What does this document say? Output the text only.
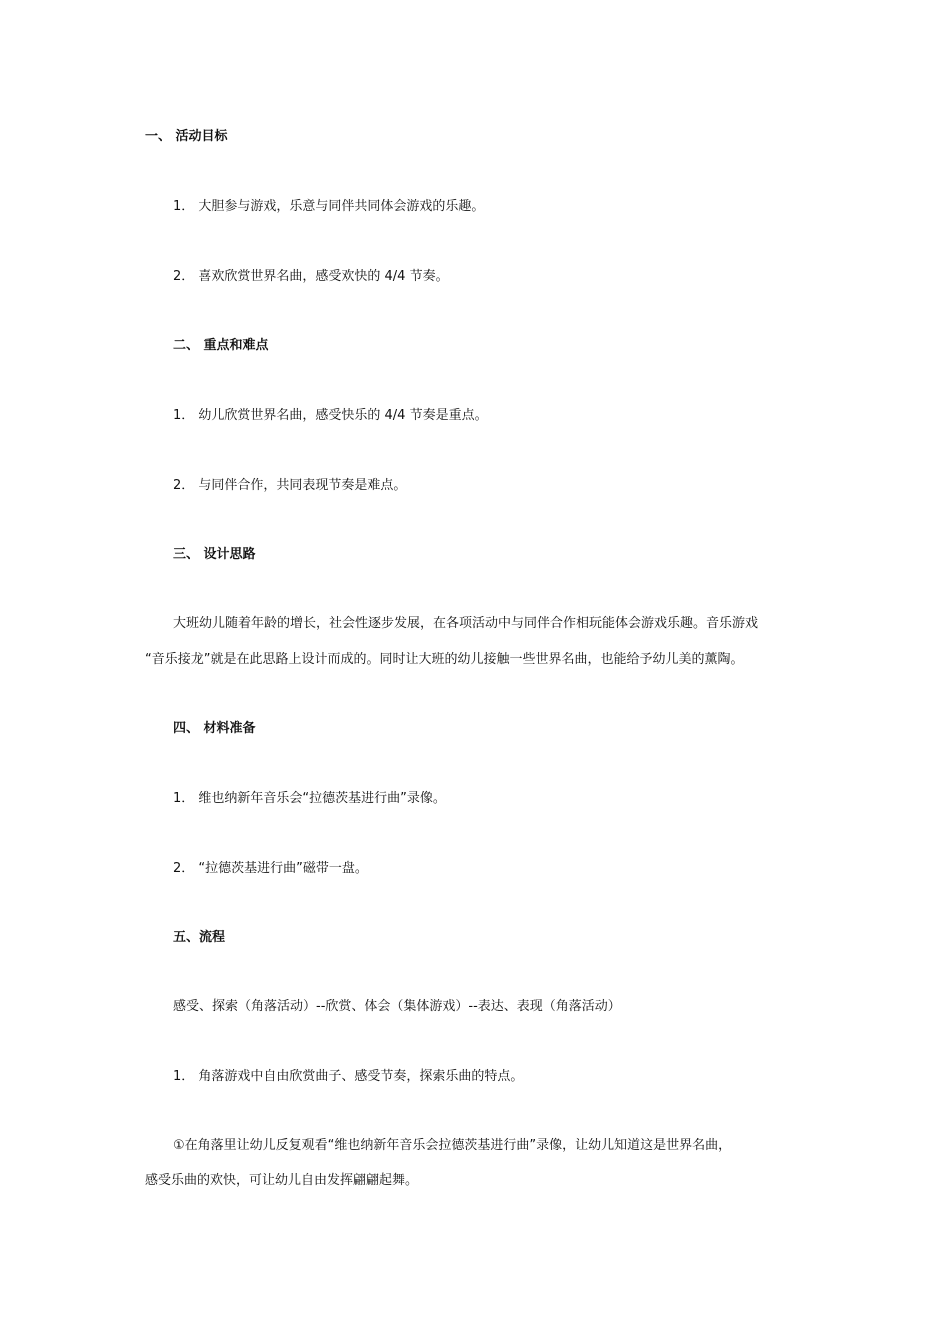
一、 活动目标
1． 大胆参与游戏，乐意与同伴共同体会游戏的乐趣。
2． 喜欢欣赏世界名曲，感受欢快的 4/4 节奏。
二、 重点和难点
1． 幼儿欣赏世界名曲，感受快乐的 4/4 节奏是重点。
2． 与同伴合作，共同表现节奏是难点。
三、 设计思路
大班幼儿随着年龄的增长，社会性逐步发展，在各项活动中与同伴合作相玩能体会游戏乐趣。音乐游戏
“音乐接龙”就是在此思路上设计而成的。同时让大班的幼儿接触一些世界名曲，也能给予幼儿美的薰陶。
四、 材料准备
1． 维也纳新年音乐会“拉德茨基进行曲”录像。
2． “拉德茨基进行曲”磁带一盘。
五、流程
感受、探索（角落活动）--欣赏、体会（集体游戏）--表达、表现（角落活动）
1． 角落游戏中自由欣赏曲子、感受节奏，探索乐曲的特点。
①在角落里让幼儿反复观看“维也纳新年音乐会拉德茨基进行曲”录像，让幼儿知道这是世界名曲，
感受乐曲的欢快，可让幼儿自由发挥翩翩起舞。
